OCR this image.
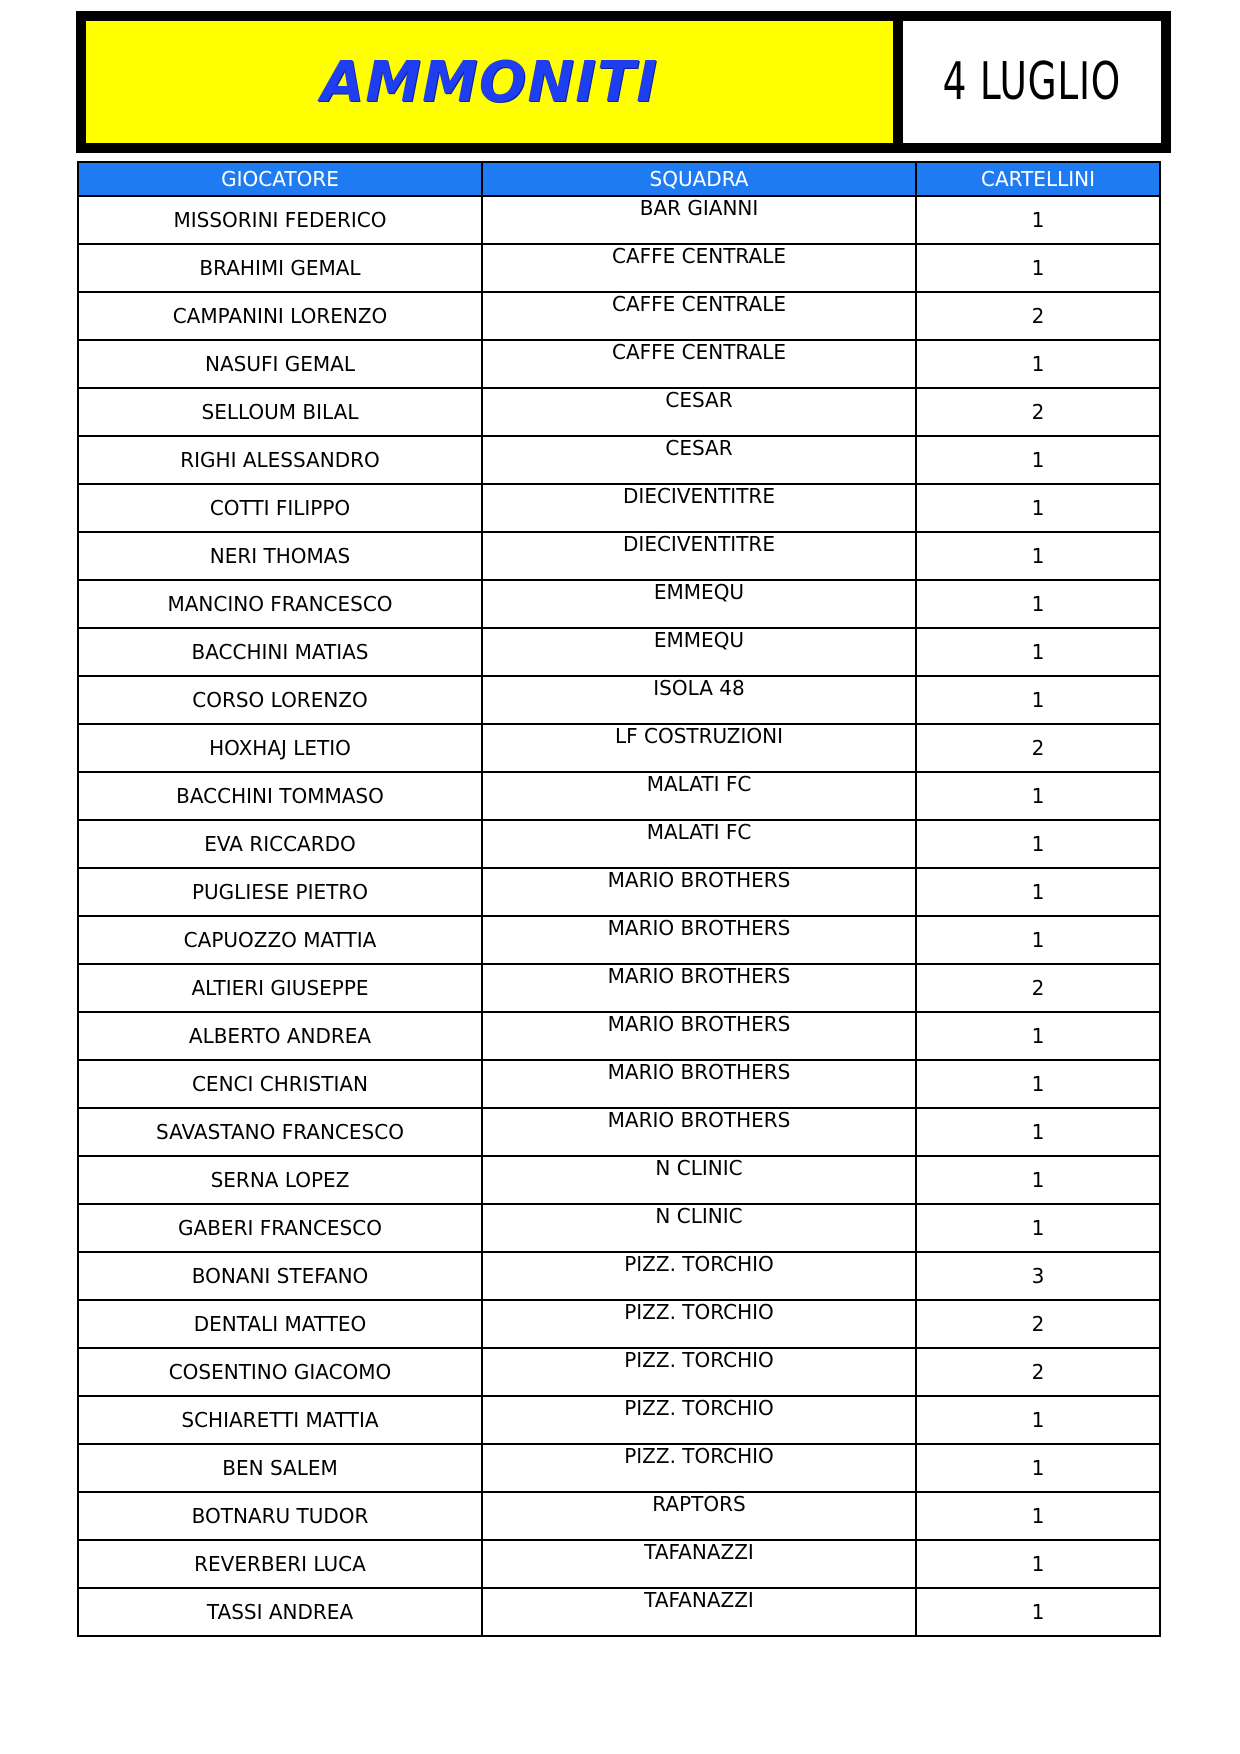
AMMONITI	4 LUGLIO
GIOCATORE	SQUADRA	CARTELLINI
MISSORINI FEDERICO	BAR GIANNI	1
BRAHIMI GEMAL	CAFFE CENTRALE	1
CAMPANINI LORENZO	CAFFE CENTRALE	2
NASUFI GEMAL	CAFFE CENTRALE	1
SELLOUM BILAL	CESAR	2
RIGHI ALESSANDRO	CESAR	1
COTTI FILIPPO	DIECIVENTITRE	1
NERI THOMAS	DIECIVENTITRE	1
MANCINO FRANCESCO	EMMEQU	1
BACCHINI MATIAS	EMMEQU	1
CORSO LORENZO	ISOLA 48	1
HOXHAJ LETIO	LF COSTRUZIONI	2
BACCHINI TOMMASO	MALATI FC	1
EVA RICCARDO	MALATI FC	1
PUGLIESE PIETRO	MARIO BROTHERS	1
CAPUOZZO MATTIA	MARIO BROTHERS	1
ALTIERI GIUSEPPE	MARIO BROTHERS	2
ALBERTO ANDREA	MARIO BROTHERS	1
CENCI CHRISTIAN	MARIO BROTHERS	1
SAVASTANO FRANCESCO	MARIO BROTHERS	1
SERNA LOPEZ	N CLINIC	1
GABERI FRANCESCO	N CLINIC	1
BONANI STEFANO	PIZZ. TORCHIO	3
DENTALI MATTEO	PIZZ. TORCHIO	2
COSENTINO GIACOMO	PIZZ. TORCHIO	2
SCHIARETTI MATTIA	PIZZ. TORCHIO	1
BEN SALEM	PIZZ. TORCHIO	1
BOTNARU TUDOR	RAPTORS	1
REVERBERI LUCA	TAFANAZZI	1
TASSI ANDREA	TAFANAZZI	1
